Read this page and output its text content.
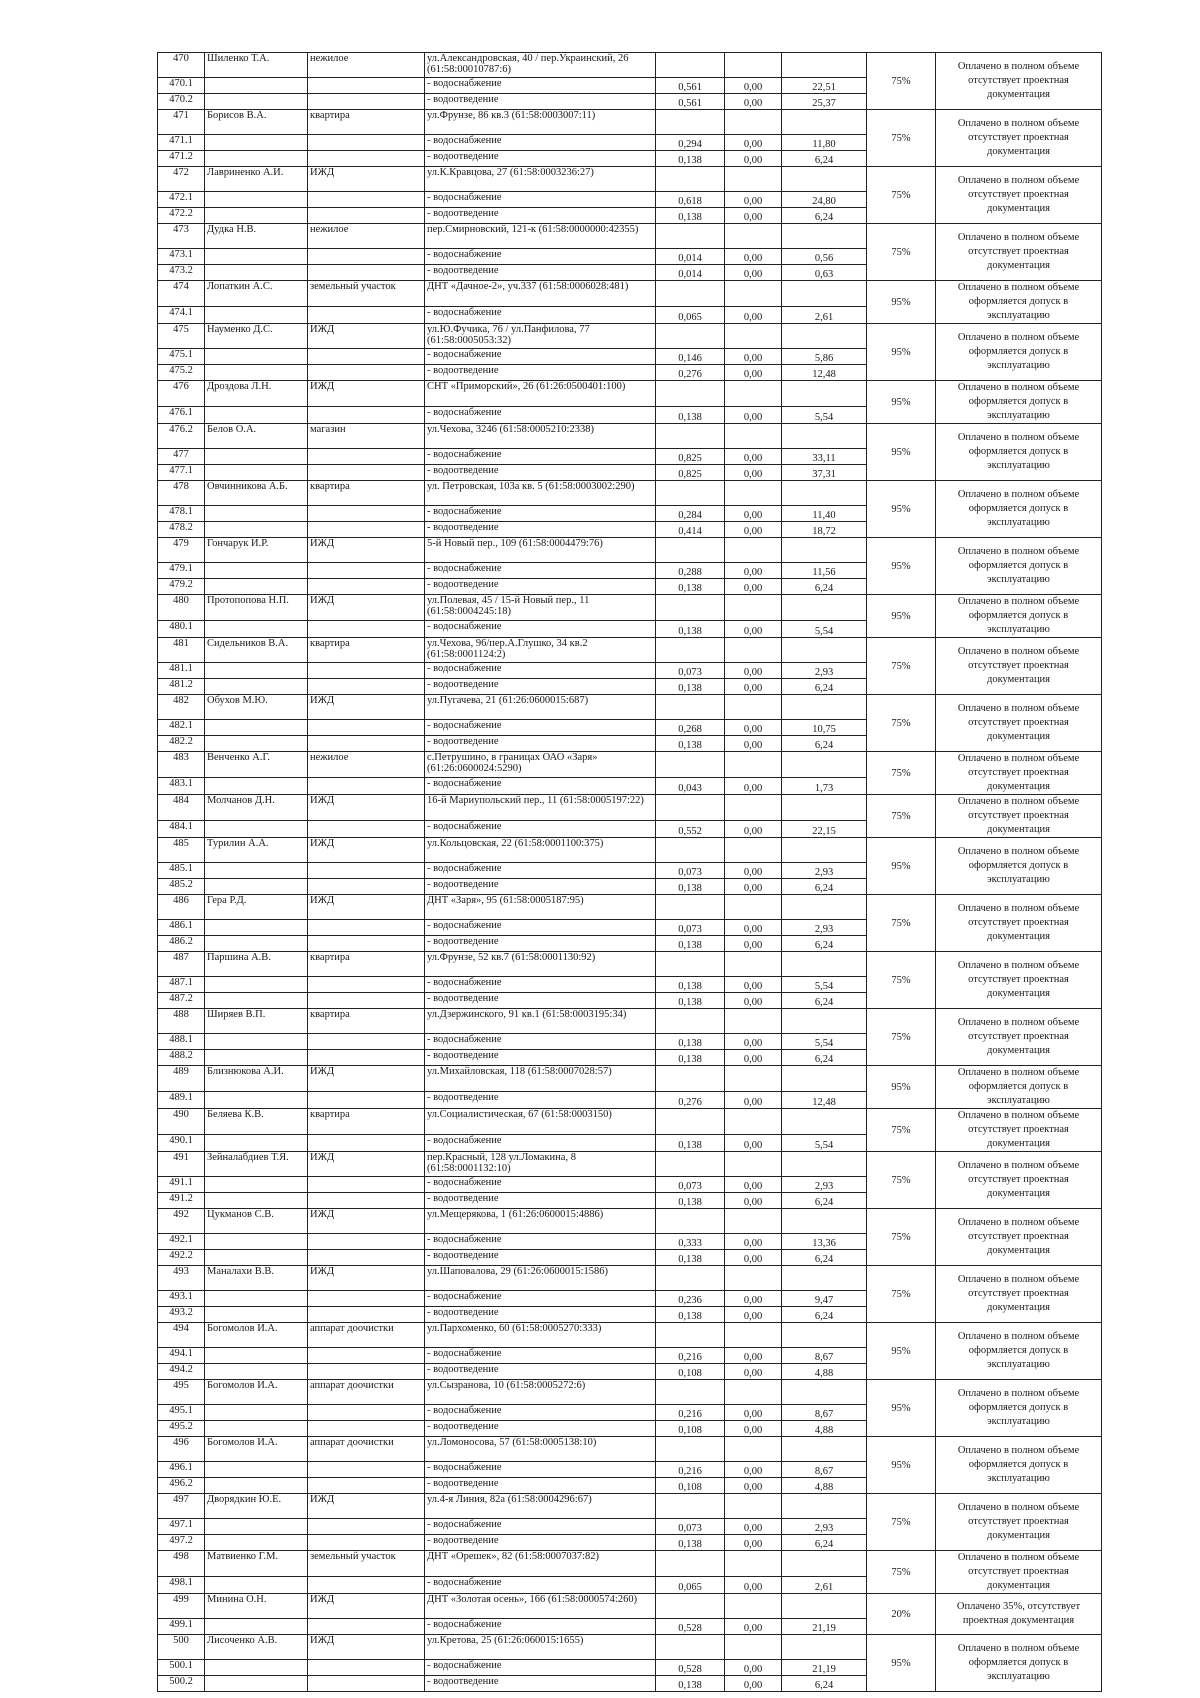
470	Шиленко Т.А.	нежилое	ул.Александровская, 40 / пер.Украинский, 26 (61:58:00010787:6)				75%	Оплачено в полном объеме отсутствует проектная документация
470.1			- водоснабжение	0,561	0,00	22,51		
470.2			- водоотведение	0,561	0,00	25,37		
471	Борисов В.А.	квартира	ул.Фрунзе, 86 кв.3 (61:58:0003007:11)				75%	Оплачено в полном объеме отсутствует проектная документация
471.1			- водоснабжение	0,294	0,00	11,80		
471.2			- водоотведение	0,138	0,00	6,24		
472	Лавриненко А.И.	ИЖД	ул.К.Кравцова, 27 (61:58:0003236:27)				75%	Оплачено в полном объеме отсутствует проектная документация
472.1			- водоснабжение	0,618	0,00	24,80		
472.2			- водоотведение	0,138	0,00	6,24		
473	Дудка Н.В.	нежилое	пер.Смирновский, 121-к (61:58:0000000:42355)				75%	Оплачено в полном объеме отсутствует проектная документация
473.1			- водоснабжение	0,014	0,00	0,56		
473.2			- водоотведение	0,014	0,00	0,63		
474	Лопаткин А.С.	земельный участок	ДНТ «Дачное-2», уч.337 (61:58:0006028:481)				95%	Оплачено в полном объеме оформляется допуск в эксплуатацию
474.1			- водоснабжение	0,065	0,00	2,61		
475	Науменко Д.С.	ИЖД	ул.Ю.Фучика, 76 / ул.Панфилова, 77 (61:58:0005053:32)				95%	Оплачено в полном объеме оформляется допуск в эксплуатацию
475.1			- водоснабжение	0,146	0,00	5,86		
475.2			- водоотведение	0,276	0,00	12,48		
476	Дроздова Л.Н.	ИЖД	СНТ «Приморский», 26 (61:26:0500401:100)				95%	Оплачено в полном объеме оформляется допуск в эксплуатацию
476.1			- водоснабжение	0,138	0,00	5,54		
476.2	Белов О.А.	магазин	ул.Чехова, 3246 (61:58:0005210:2338)				95%	Оплачено в полном объеме оформляется допуск в эксплуатацию
477			- водоснабжение	0,825	0,00	33,11		
477.1			- водоотведение	0,825	0,00	37,31		
478	Овчинникова А.Б.	квартира	ул. Петровская, 103а кв. 5 (61:58:0003002:290)				95%	Оплачено в полном объеме оформляется допуск в эксплуатацию
478.1			- водоснабжение	0,284	0,00	11,40		
478.2			- водоотведение	0,414	0,00	18,72		
479	Гончарук И.Р.	ИЖД	5-й Новый пер., 109 (61:58:0004479:76)				95%	Оплачено в полном объеме оформляется допуск в эксплуатацию
479.1			- водоснабжение	0,288	0,00	11,56		
479.2			- водоотведение	0,138	0,00	6,24		
480	Протопопова Н.П.	ИЖД	ул.Полевая, 45 / 15-й Новый пер., 11 (61:58:0004245:18)				95%	Оплачено в полном объеме оформляется допуск в эксплуатацию
480.1			- водоснабжение	0,138	0,00	5,54		
481	Сидельников В.А.	квартира	ул.Чехова, 96/пер.А.Глушко, 34 кв.2 (61:58:0001124:2)				75%	Оплачено в полном объеме отсутствует проектная документация
481.1			- водоснабжение	0,073	0,00	2,93		
481.2			- водоотведение	0,138	0,00	6,24		
482	Обухов М.Ю.	ИЖД	ул.Пугачева, 21 (61:26:0600015:687)				75%	Оплачено в полном объеме отсутствует проектная документация
482.1			- водоснабжение	0,268	0,00	10,75		
482.2			- водоотведение	0,138	0,00	6,24		
483	Венченко А.Г.	нежилое	с.Петрушино, в границах ОАО «Заря» (61:26:0600024:5290)				75%	Оплачено в полном объеме отсутствует проектная документация
483.1			- водоснабжение	0,043	0,00	1,73		
484	Молчанов Д.Н.	ИЖД	16-й Мариупольский пер., 11 (61:58:0005197:22)				75%	Оплачено в полном объеме отсутствует проектная документация
484.1			- водоснабжение	0,552	0,00	22,15		
485	Турилин А.А.	ИЖД	ул.Кольцовская, 22 (61:58:0001100:375)				95%	Оплачено в полном объеме оформляется допуск в эксплуатацию
485.1			- водоснабжение	0,073	0,00	2,93		
485.2			- водоотведение	0,138	0,00	6,24		
486	Гера Р.Д.	ИЖД	ДНТ «Заря», 95 (61:58:0005187:95)				75%	Оплачено в полном объеме отсутствует проектная документация
486.1			- водоснабжение	0,073	0,00	2,93		
486.2			- водоотведение	0,138	0,00	6,24		
487	Паршина А.В.	квартира	ул.Фрунзе, 52 кв.7 (61:58:0001130:92)				75%	Оплачено в полном объеме отсутствует проектная документация
487.1			- водоснабжение	0,138	0,00	5,54		
487.2			- водоотведение	0,138	0,00	6,24		
488	Ширяев В.П.	квартира	ул.Дзержинского, 91 кв.1 (61:58:0003195:34)				75%	Оплачено в полном объеме отсутствует проектная документация
488.1			- водоснабжение	0,138	0,00	5,54		
488.2			- водоотведение	0,138	0,00	6,24		
489	Близнюкова А.И.	ИЖД	ул.Михайловская, 118 (61:58:0007028:57)				95%	Оплачено в полном объеме оформляется допуск в эксплуатацию
489.1			- водоотведение	0,276	0,00	12,48		
490	Беляева К.В.	квартира	ул.Социалистическая, 67 (61:58:0003150)				75%	Оплачено в полном объеме отсутствует проектная документация
490.1			- водоснабжение	0,138	0,00	5,54		
491	Зейналабдиев Т.Я.	ИЖД	пер.Красный, 128 ул.Ломакина, 8 (61:58:0001132:10)				75%	Оплачено в полном объеме отсутствует проектная документация
491.1			- водоснабжение	0,073	0,00	2,93		
491.2			- водоотведение	0,138	0,00	6,24		
492	Цукманов С.В.	ИЖД	ул.Мещерякова, 1 (61:26:0600015:4886)				75%	Оплачено в полном объеме отсутствует проектная документация
492.1			- водоснабжение	0,333	0,00	13,36		
492.2			- водоотведение	0,138	0,00	6,24		
493	Маналахи В.В.	ИЖД	ул.Шаповалова, 29 (61:26:0600015:1586)				75%	Оплачено в полном объеме отсутствует проектная документация
493.1			- водоснабжение	0,236	0,00	9,47		
493.2			- водоотведение	0,138	0,00	6,24		
494	Богомолов И.А.	аппарат доочистки	ул.Пархоменко, 60 (61:58:0005270:333)				95%	Оплачено в полном объеме оформляется допуск в эксплуатацию
494.1			- водоснабжение	0,216	0,00	8,67		
494.2			- водоотведение	0,108	0,00	4,88		
495	Богомолов И.А.	аппарат доочистки	ул.Сызранова, 10 (61:58:0005272:6)				95%	Оплачено в полном объеме оформляется допуск в эксплуатацию
495.1			- водоснабжение	0,216	0,00	8,67		
495.2			- водоотведение	0,108	0,00	4,88		
496	Богомолов И.А.	аппарат доочистки	ул.Ломоносова, 57 (61:58:0005138:10)				95%	Оплачено в полном объеме оформляется допуск в эксплуатацию
496.1			- водоснабжение	0,216	0,00	8,67		
496.2			- водоотведение	0,108	0,00	4,88		
497	Дворядкин Ю.Е.	ИЖД	ул.4-я Линия, 82а (61:58:0004296:67)				75%	Оплачено в полном объеме отсутствует проектная документация
497.1			- водоснабжение	0,073	0,00	2,93		
497.2			- водоотведение	0,138	0,00	6,24		
498	Матвиенко Г.М.	земельный участок	ДНТ «Орешек», 82 (61:58:0007037:82)				75%	Оплачено в полном объеме отсутствует проектная документация
498.1			- водоснабжение	0,065	0,00	2,61		
499	Минина О.Н.	ИЖД	ДНТ «Золотая осень», 166 (61:58:0000574:260)				20%	Оплачено 35%, отсутствует проектная документация
499.1			- водоснабжение	0,528	0,00	21,19		
500	Лисоченко А.В.	ИЖД	ул.Кретова, 25 (61:26:060015:1655)				95%	Оплачено в полном объеме оформляется допуск в эксплуатацию
500.1			- водоснабжение	0,528	0,00	21,19		
500.2			- водоотведение	0,138	0,00	6,24		
